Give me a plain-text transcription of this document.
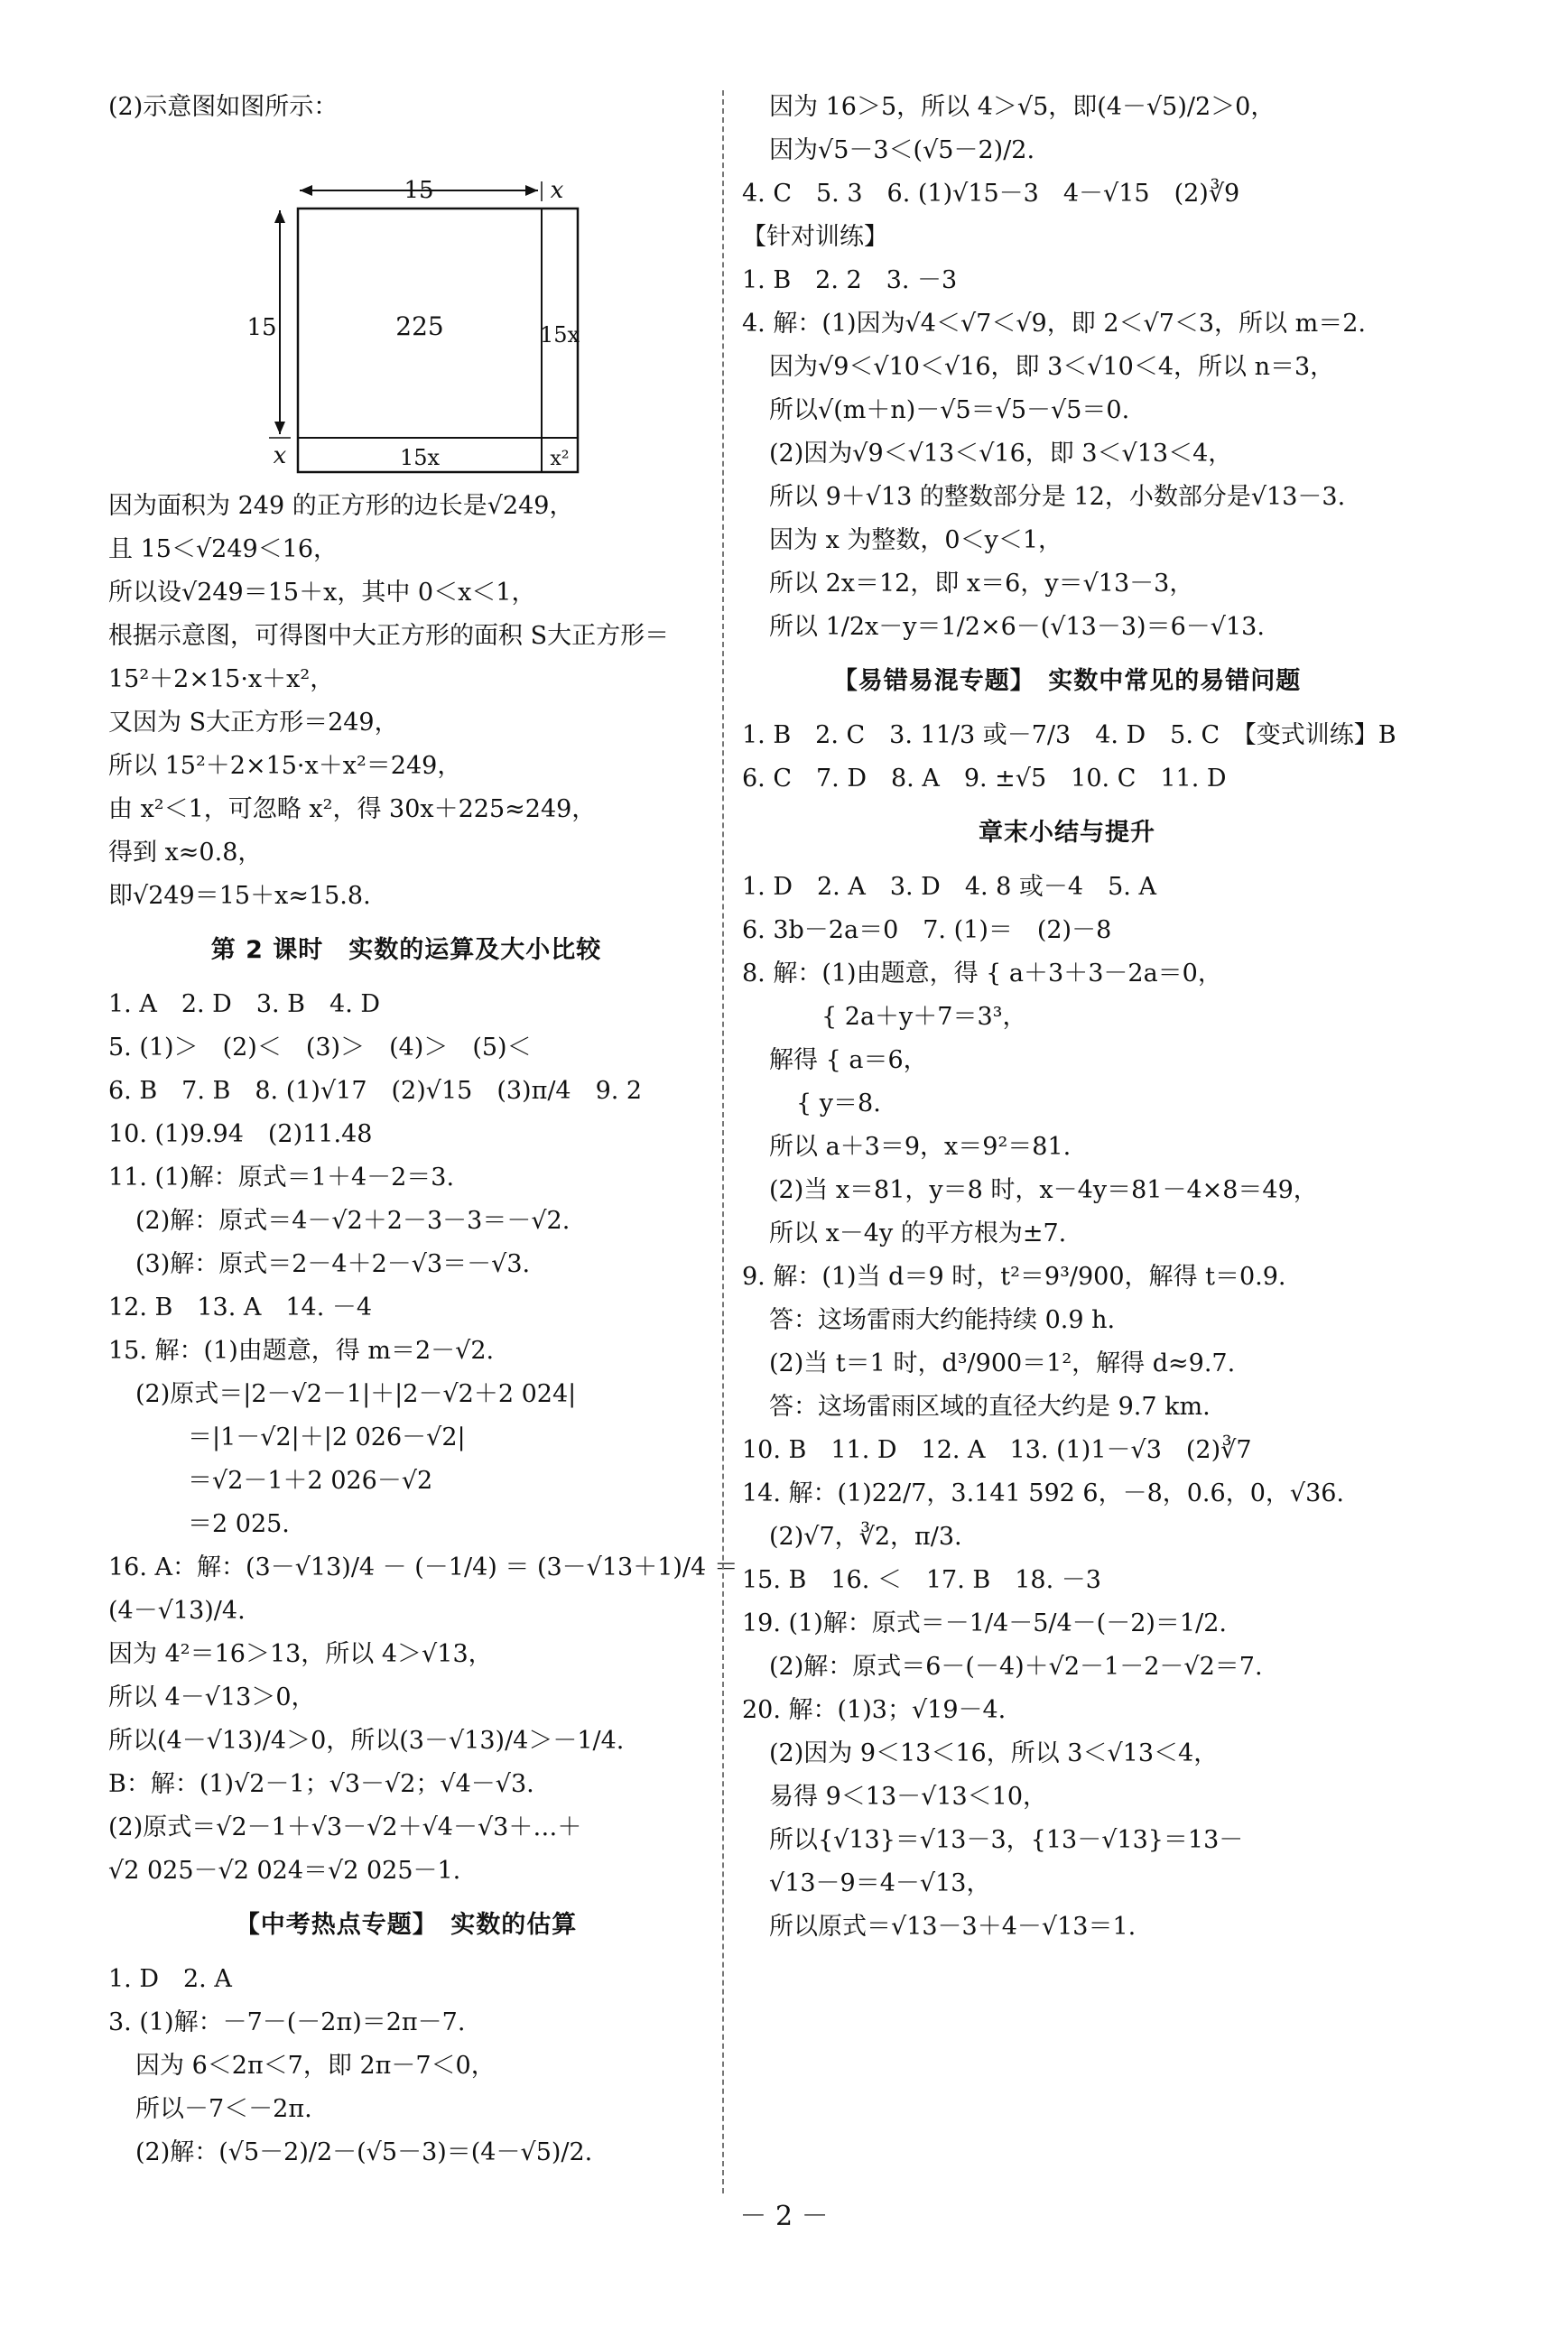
(2)示意图如图所示：
15	x
15
x
225	15x
15x	x²
因为面积为 249 的正方形的边长是√249，
且 15＜√249＜16，
所以设√249＝15＋x，其中 0＜x＜1，
根据示意图，可得图中大正方形的面积 S大正方形＝
15²＋2×15·x＋x²，
又因为 S大正方形＝249，
所以 15²＋2×15·x＋x²＝249，
由 x²＜1，可忽略 x²，得 30x＋225≈249，
得到 x≈0.8，
即√249＝15＋x≈15.8.
第 2 课时　实数的运算及大小比较
1. A　2. D　3. B　4. D
5. (1)＞　(2)＜　(3)＞　(4)＞　(5)＜
6. B　7. B　8. (1)√17　(2)√15　(3)π/4　9. 2
10. (1)9.94　(2)11.48
11. (1)解：原式＝1＋4－2＝3.
(2)解：原式＝4－√2＋2－3－3＝－√2.
(3)解：原式＝2－4＋2－√3＝－√3.
12. B　13. A　14. －4
15. 解：(1)由题意，得 m＝2－√2.
(2)原式＝|2－√2－1|＋|2－√2＋2 024|
＝|1－√2|＋|2 026－√2|
＝√2－1＋2 026－√2
＝2 025.
16. A：解：(3－√13)/4 － (－1/4) ＝ (3－√13＋1)/4 ＝
(4－√13)/4.
因为 4²＝16＞13，所以 4＞√13，
所以 4－√13＞0，
所以(4－√13)/4＞0，所以(3－√13)/4＞－1/4.
B：解：(1)√2－1；√3－√2；√4－√3.
(2)原式＝√2－1＋√3－√2＋√4－√3＋…＋
√2 025－√2 024＝√2 025－1.
【中考热点专题】　实数的估算
1. D　2. A
3. (1)解：－7－(－2π)＝2π－7.
因为 6＜2π＜7，即 2π－7＜0，
所以－7＜－2π.
(2)解：(√5－2)/2－(√5－3)＝(4－√5)/2.
因为 16＞5，所以 4＞√5，即(4－√5)/2＞0，
因为√5－3＜(√5－2)/2.
4. C　5. 3　6. (1)√15－3　4－√15　(2)∛9
【针对训练】
1. B　2. 2　3. －3
4. 解：(1)因为√4＜√7＜√9，即 2＜√7＜3，所以 m＝2.
因为√9＜√10＜√16，即 3＜√10＜4，所以 n＝3，
所以√(m＋n)－√5＝√5－√5＝0.
(2)因为√9＜√13＜√16，即 3＜√13＜4，
所以 9＋√13 的整数部分是 12，小数部分是√13－3.
因为 x 为整数，0＜y＜1，
所以 2x＝12，即 x＝6，y＝√13－3，
所以 1/2x－y＝1/2×6－(√13－3)＝6－√13.
【易错易混专题】　实数中常见的易错问题
1. B　2. C　3. 11/3 或－7/3　4. D　5. C　【变式训练】B
6. C　7. D　8. A　9. ±√5　10. C　11. D
章末小结与提升
1. D　2. A　3. D　4. 8 或－4　5. A
6. 3b－2a＝0　7. (1)＝　(2)－8
8. 解：(1)由题意，得 { a＋3＋3－2a＝0，
{ 2a＋y＋7＝3³，
解得 { a＝6，
{ y＝8.
所以 a＋3＝9，x＝9²＝81.
(2)当 x＝81，y＝8 时，x－4y＝81－4×8＝49，
所以 x－4y 的平方根为±7.
9. 解：(1)当 d＝9 时，t²＝9³/900，解得 t＝0.9.
答：这场雷雨大约能持续 0.9 h.
(2)当 t＝1 时，d³/900＝1²，解得 d≈9.7.
答：这场雷雨区域的直径大约是 9.7 km.
10. B　11. D　12. A　13. (1)1－√3　(2)∛7
14. 解：(1)22/7，3.141 592 6，－8，0.6，0，√36.
(2)√7，∛2，π/3.
15. B　16. ＜　17. B　18. －3
19. (1)解：原式＝－1/4－5/4－(－2)＝1/2.
(2)解：原式＝6－(－4)＋√2－1－2－√2＝7.
20. 解：(1)3；√19－4.
(2)因为 9＜13＜16，所以 3＜√13＜4，
易得 9＜13－√13＜10，
所以{√13}＝√13－3，{13－√13}＝13－
√13－9＝4－√13，
所以原式＝√13－3＋4－√13＝1.
－ 2 －
